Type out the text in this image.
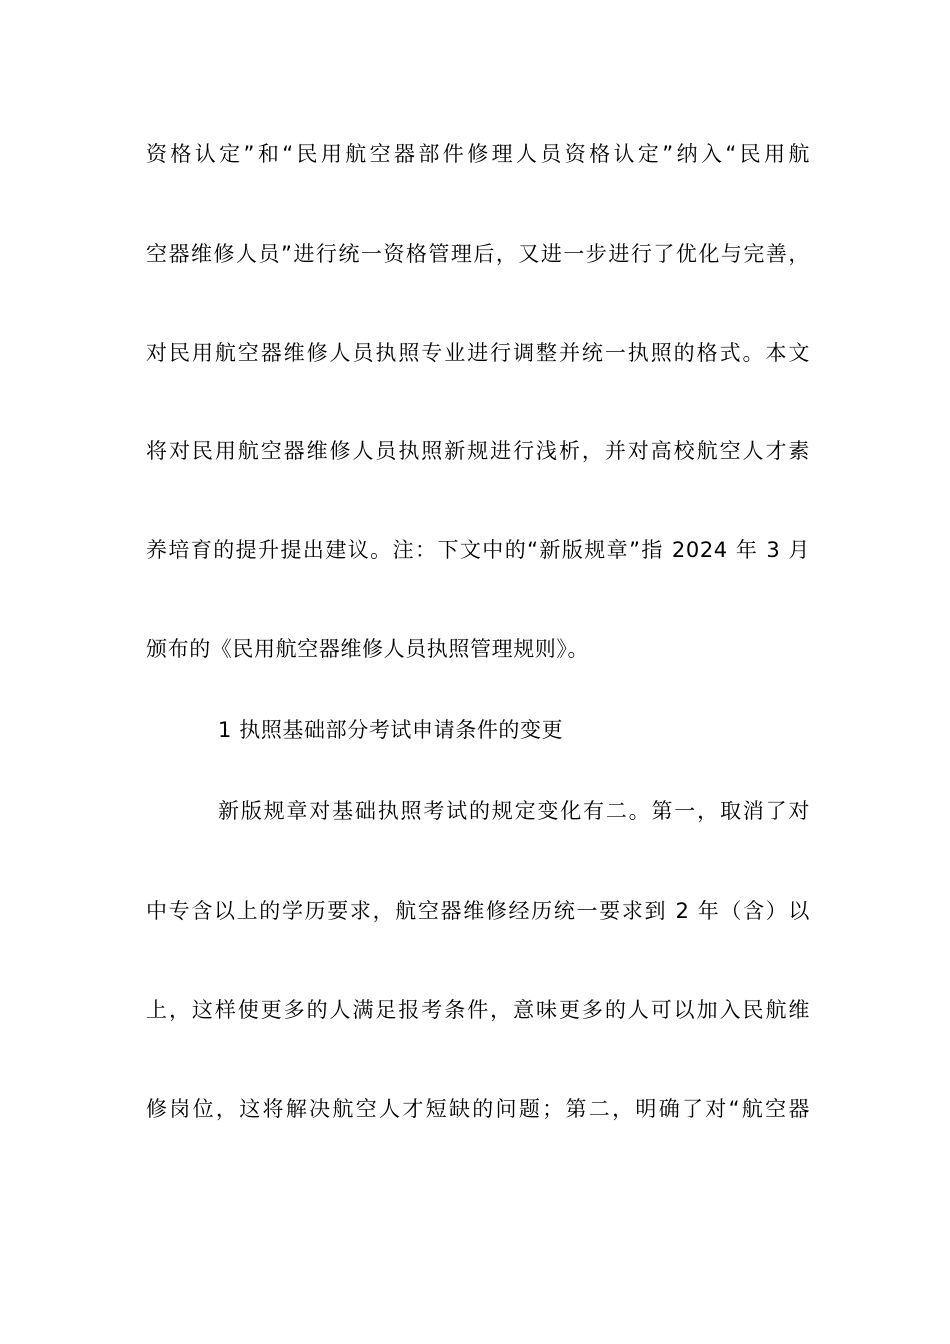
资格认定”和“民用航空器部件修理人员资格认定”纳入“民用航
空器维修人员”进行统一资格管理后，又进一步进行了优化与完善，
对民用航空器维修人员执照专业进行调整并统一执照的格式。本文
将对民用航空器维修人员执照新规进行浅析，并对高校航空人才素
养培育的提升提出建议。注：下文中的“新版规章”指 2024 年 3 月
颁布的《民用航空器维修人员执照管理规则》。
1 执照基础部分考试申请条件的变更
新版规章对基础执照考试的规定变化有二。第一，取消了对
中专含以上的学历要求，航空器维修经历统一要求到 2 年（含）以
上，这样使更多的人满足报考条件，意味更多的人可以加入民航维
修岗位，这将解决航空人才短缺的问题；第二，明确了对“航空器
